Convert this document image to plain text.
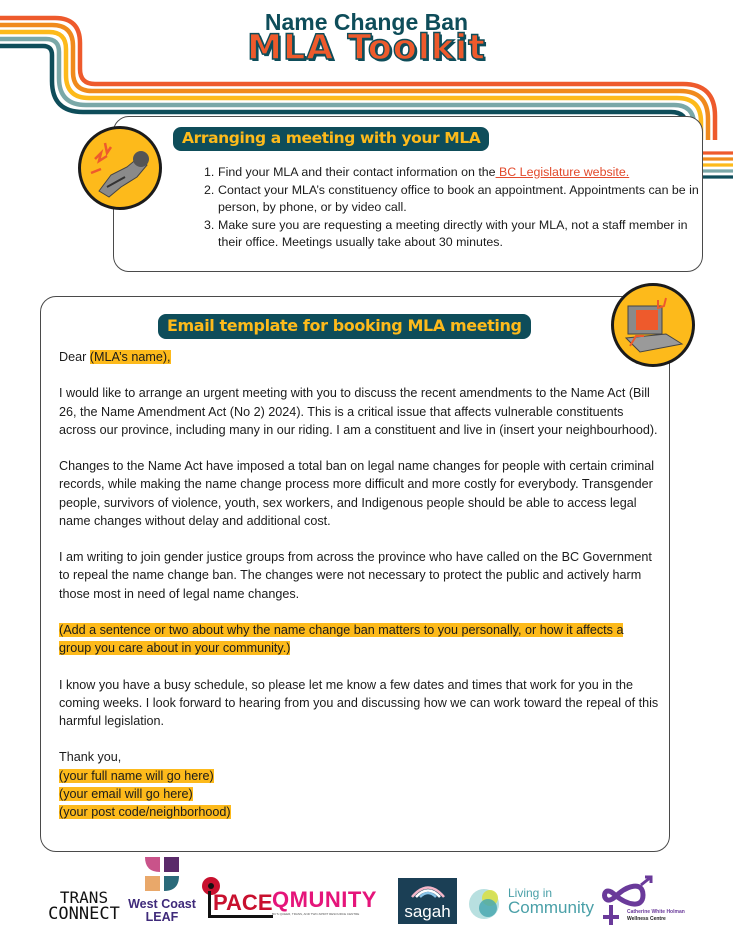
Name Change Ban
MLA Toolkit
Arranging a meeting with your MLA
1. Find your MLA and their contact information on the BC Legislature website.
2. Contact your MLA’s constituency office to book an appointment. Appointments can be in person, by phone, or by video call.
3. Make sure you are requesting a meeting directly with your MLA, not a staff member in their office. Meetings usually take about 30 minutes.
Email template for booking MLA meeting

Dear (MLA’s name),

I would like to arrange an urgent meeting with you to discuss the recent amendments to the Name Act (Bill 26, the Name Amendment Act (No 2) 2024). This is a critical issue that affects vulnerable constituents across our province, including many in our riding. I am a constituent and live in (insert your neighbourhood).

Changes to the Name Act have imposed a total ban on legal name changes for people with certain criminal records, while making the name change process more difficult and more costly for everybody. Transgender people, survivors of violence, youth, sex workers, and Indigenous people should be able to access legal name changes without delay and additional cost.

I am writing to join gender justice groups from across the province who have called on the BC Government to repeal the name change ban. The changes were not necessary to protect the public and actively harm those most in need of legal name changes.

(Add a sentence or two about why the name change ban matters to you personally, or how it affects a group you care about in your community.)

I know you have a busy schedule, so please let me know a few dates and times that work for you in the coming weeks. I look forward to hearing from you and discussing how we can work toward the repeal of this harmful legislation.

Thank you,
(your full name will go here)
(your email will go here)
(your post code/neighborhood)
TRANS
CONNECT West Coast
LEAF
PACE QMUNITY
BC'S QUEER, TRANS, AND TWO-SPIRIT RESOURCE CENTRE	sagah
Living in
Community	Catherine White Holman
Wellness Centre
